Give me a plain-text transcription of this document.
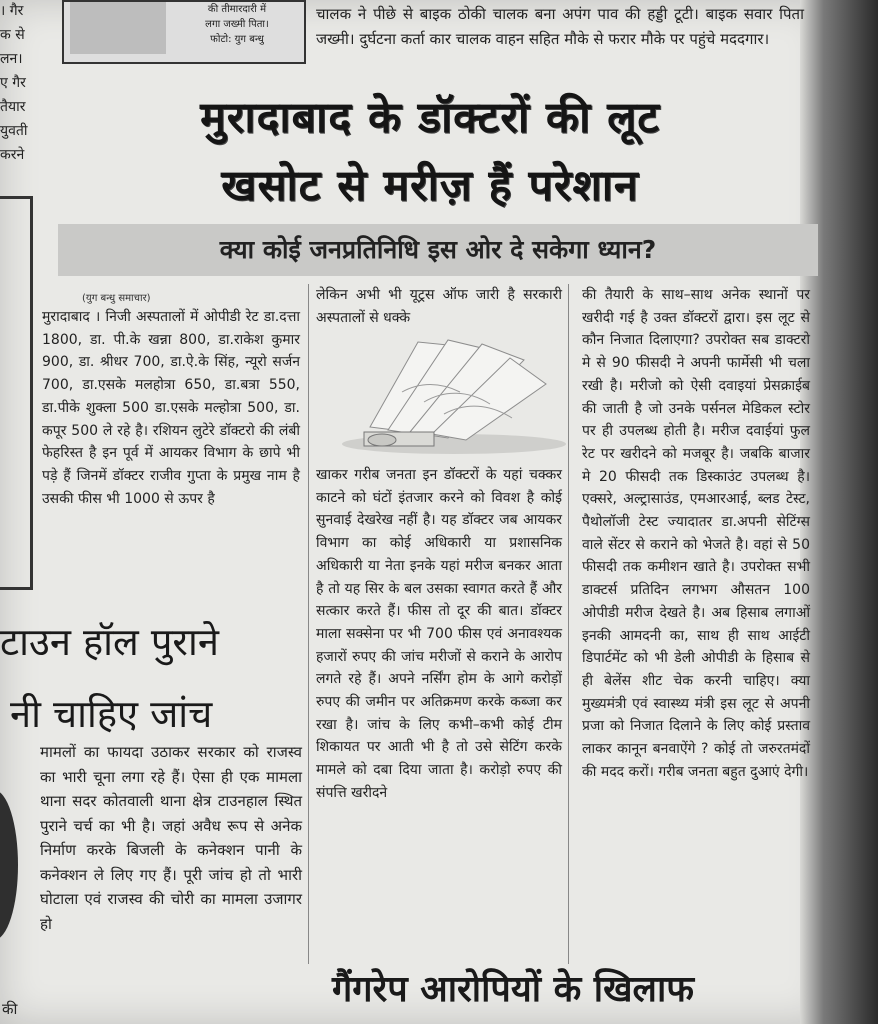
। गैर
क से
लन।
ए गैर
तैयार
युवती
करने
की तीमारदारी में
लगा जख्मी पिता।
फोटो: युग बन्धु
चालक ने पीछे से बाइक ठोकी चालक बना अपंग पाव की हड्डी टूटी। बाइक सवार पिता जख्मी। दुर्घटना कर्ता कार चालक वाहन सहित मौके से फरार मौके पर पहुंचे मददगार।
मुरादाबाद के डॉक्टरों की लूट
खसोट से मरीज़ हैं परेशान
क्या कोई जनप्रतिनिधि इस ओर दे सकेगा ध्यान?
(युग बन्धु समाचार)
मुरादाबाद । निजी अस्पतालों में ओपीडी रेट डा.दत्ता 1800, डा. पी.के खन्ना 800, डा.राकेश कुमार 900, डा. श्रीधर 700, डा.ऐ.के सिंह, न्यूरो सर्जन 700, डा.एसके मलहोत्रा 650, डा.बत्रा 550, डा.पीके शुक्ला 500 डा.एसके मल्होत्रा 500, डा. कपूर 500 ले रहे है। रशियन लुटेरे डॉक्टरो की लंबी फेहरिस्त है इन पूर्व में आयकर विभाग के छापे भी पड़े हैं जिनमें डॉक्टर राजीव गुप्ता के प्रमुख नाम है उसकी फीस भी 1000 से ऊपर है
लेकिन अभी भी यूट्रस ऑफ जारी है सरकारी अस्पतालों से धक्के
खाकर गरीब जनता इन डॉक्टरों के यहां चक्कर काटने को घंटों इंतजार करने को विवश है कोई सुनवाई देखरेख नहीं है। यह डॉक्टर जब आयकर विभाग का कोई अधिकारी या प्रशासनिक अधिकारी या नेता इनके यहां मरीज बनकर आता है तो यह सिर के बल उसका स्वागत करते हैं और सत्कार करते हैं। फीस तो दूर की बात। डॉक्टर माला सक्सेना पर भी 700 फीस एवं अनावश्यक हजारों रुपए की जांच मरीजों से कराने के आरोप लगते रहे हैं। अपने नर्सिंग होम के आगे करोड़ों रुपए की जमीन पर अतिक्रमण करके कब्जा कर रखा है। जांच के लिए कभी–कभी कोई टीम शिकायत पर आती भी है तो उसे सेटिंग करके मामले को दबा दिया जाता है। करोड़ो रुपए की संपत्ति खरीदने
की तैयारी के साथ–साथ अनेक स्थानों पर खरीदी गई है उक्त डॉक्टरों द्वारा। इस लूट से कौन निजात दिलाएगा? उपरोक्त सब डाक्टरो मे से 90 फीसदी ने अपनी फार्मेसी भी चला रखी है। मरीजो को ऐसी दवाइयां प्रेसक्राईब की जाती है जो उनके पर्सनल मेडिकल स्टोर पर ही उपलब्ध होती है। मरीज दवाईयां फुल रेट पर खरीदने को मजबूर है। जबकि बाजार मे 20 फीसदी तक डिस्काउंट उपलब्ध है। एक्सरे, अल्ट्रासाउंड, एमआरआई, ब्लड टेस्ट, पैथोलॉजी टेस्ट ज्यादातर डा.अपनी सेटिंग्स वाले सेंटर से कराने को भेजते है। वहां से 50 फीसदी तक कमीशन खाते है। उपरोक्त सभी डाक्टर्स प्रतिदिन लगभग औसतन 100 ओपीडी मरीज देखते है। अब हिसाब लगाओं इनकी आमदनी का, साथ ही साथ आईटी डिपार्टमेंट को भी डेली ओपीडी के हिसाब से ही बेलेंस शीट चेक करनी चाहिए। क्या मुख्यमंत्री एवं स्वास्थ्य मंत्री इस लूट से अपनी प्रजा को निजात दिलाने के लिए कोई प्रस्ताव लाकर कानून बनवाऐंगे ? कोई तो जरुरतमंदों की मदद करों। गरीब जनता बहुत दुआएं देगी।
टाउन हॉल पुराने
नी चाहिए जांच
मामलों का फायदा उठाकर सरकार को राजस्व का भारी चूना लगा रहे हैं। ऐसा ही एक मामला थाना सदर कोतवाली थाना क्षेत्र टाउनहाल स्थित पुराने चर्च का भी है। जहां अवैध रूप से अनेक निर्माण करके बिजली के कनेक्शन पानी के कनेक्शन ले लिए गए हैं। पूरी जांच हो तो भारी घोटाला एवं राजस्व की चोरी का मामला उजागर हो
की	गैंगरेप आरोपियों के खिलाफ
